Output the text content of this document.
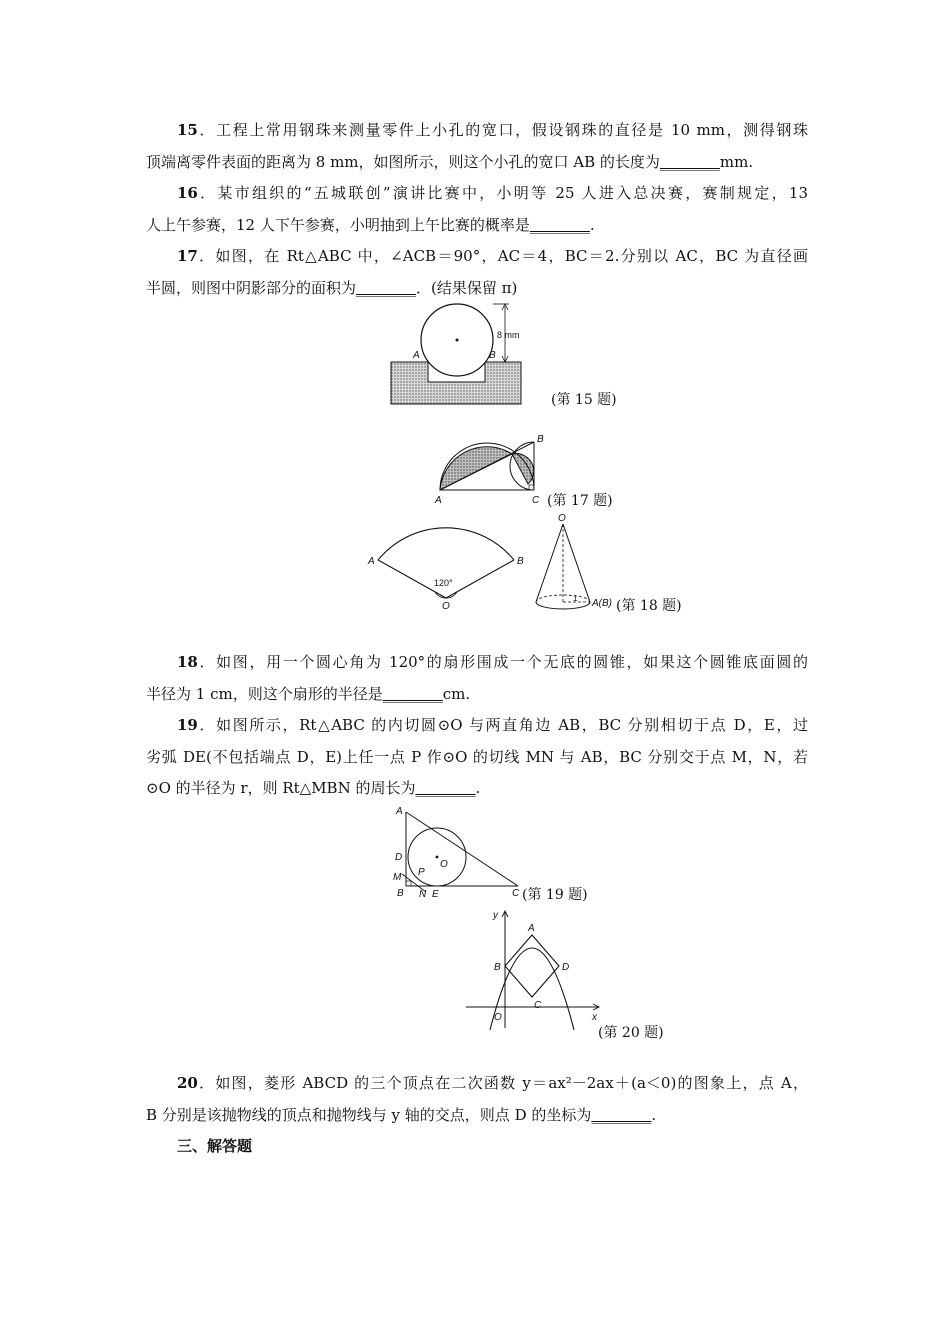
15．工程上常用钢珠来测量零件上小孔的宽口，假设钢珠的直径是 10 mm，测得钢珠
顶端离零件表面的距离为 8 mm，如图所示，则这个小孔的宽口 AB 的长度为________mm.
16．某市组织的“五城联创”演讲比赛中，小明等 25 人进入总决赛，赛制规定，13
人上午参赛，12 人下午参赛，小明抽到上午比赛的概率是________.
17．如图，在 Rt△ABC 中，∠ACB＝90°，AC＝4，BC＝2.分别以 AC，BC 为直径画
半圆，则图中阴影部分的面积为________．(结果保留 π)
8 mm
A	B
(第 15 题)
A
B
C (第 17 题)
120°
A	B
O
1
O
A(B) (第 18 题)
18．如图，用一个圆心角为 120°的扇形围成一个无底的圆锥，如果这个圆锥底面圆的
半径为 1 cm，则这个扇形的半径是________cm.
19．如图所示，Rt△ABC 的内切圆⊙O 与两直角边 AB，BC 分别相切于点 D，E，过
劣弧 DE(不包括端点 D，E)上任一点 P 作⊙O 的切线 MN 与 AB，BC 分别交于点 M，N，若
⊙O 的半径为 r，则 Rt△MBN 的周长为________.
A
D
M P
O
B N E	C (第 19 题)
y
x
O
A
B
C
D
(第 20 题)
20．如图，菱形 ABCD 的三个顶点在二次函数 y＝ax²－2ax＋(a＜0)的图象上，点 A，
B 分别是该抛物线的顶点和抛物线与 y 轴的交点，则点 D 的坐标为________.
三、解答题
